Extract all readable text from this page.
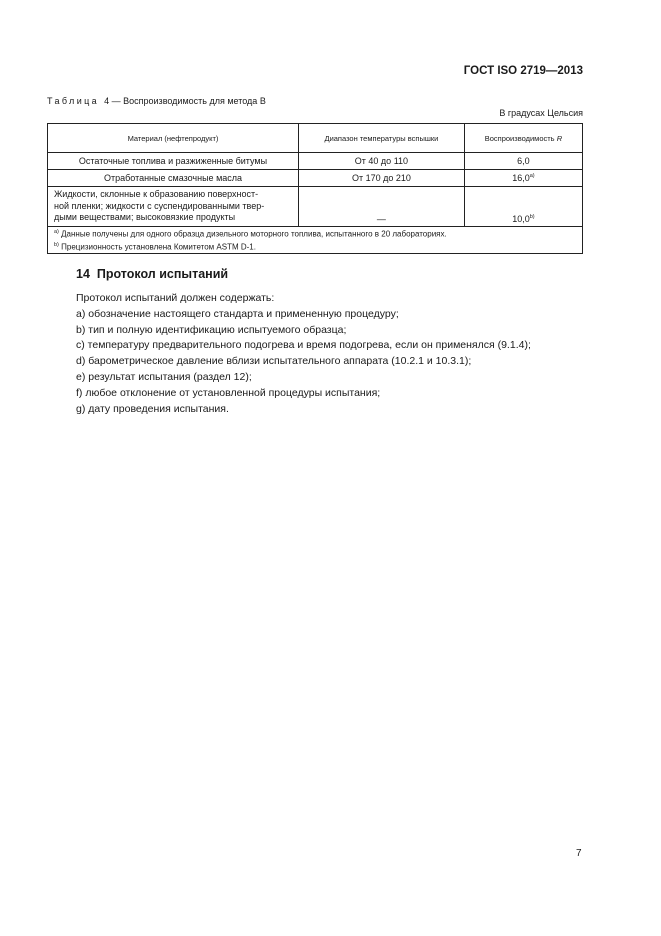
ГОСТ ISO 2719—2013
Таблица 4 — Воспроизводимость для метода В
В градусах Цельсия
Материал (нефтепродукт)	Диапазон температуры вспышки	Воспроизводимость R
Остаточные топлива и разжиженные битумы	От 40 до 110	6,0
Отработанные смазочные масла	От 170 до 210	16,0$^{a)}$

Жидкости, склонные к образованию поверхност-
ной пленки; жидкости с суспендированными твер-
дыми веществами; высоковязкие продукты	—	10,0$^{b)}$

$^{a)}$ Данные получены для одного образца дизельного моторного топлива, испытанного в 20 лабораториях.
$^{b)}$ Прецизионность установлена Комитетом ASTM D-1.		
14 Протокол испытаний
Протокол испытаний должен содержать:
a) обозначение настоящего стандарта и примененную процедуру;
b) тип и полную идентификацию испытуемого образца;
c) температуру предварительного подогрева и время подогрева, если он применялся (9.1.4);
d) барометрическое давление вблизи испытательного аппарата (10.2.1 и 10.3.1);
e) результат испытания (раздел 12);
f) любое отклонение от установленной процедуры испытания;
g) дату проведения испытания.
7
